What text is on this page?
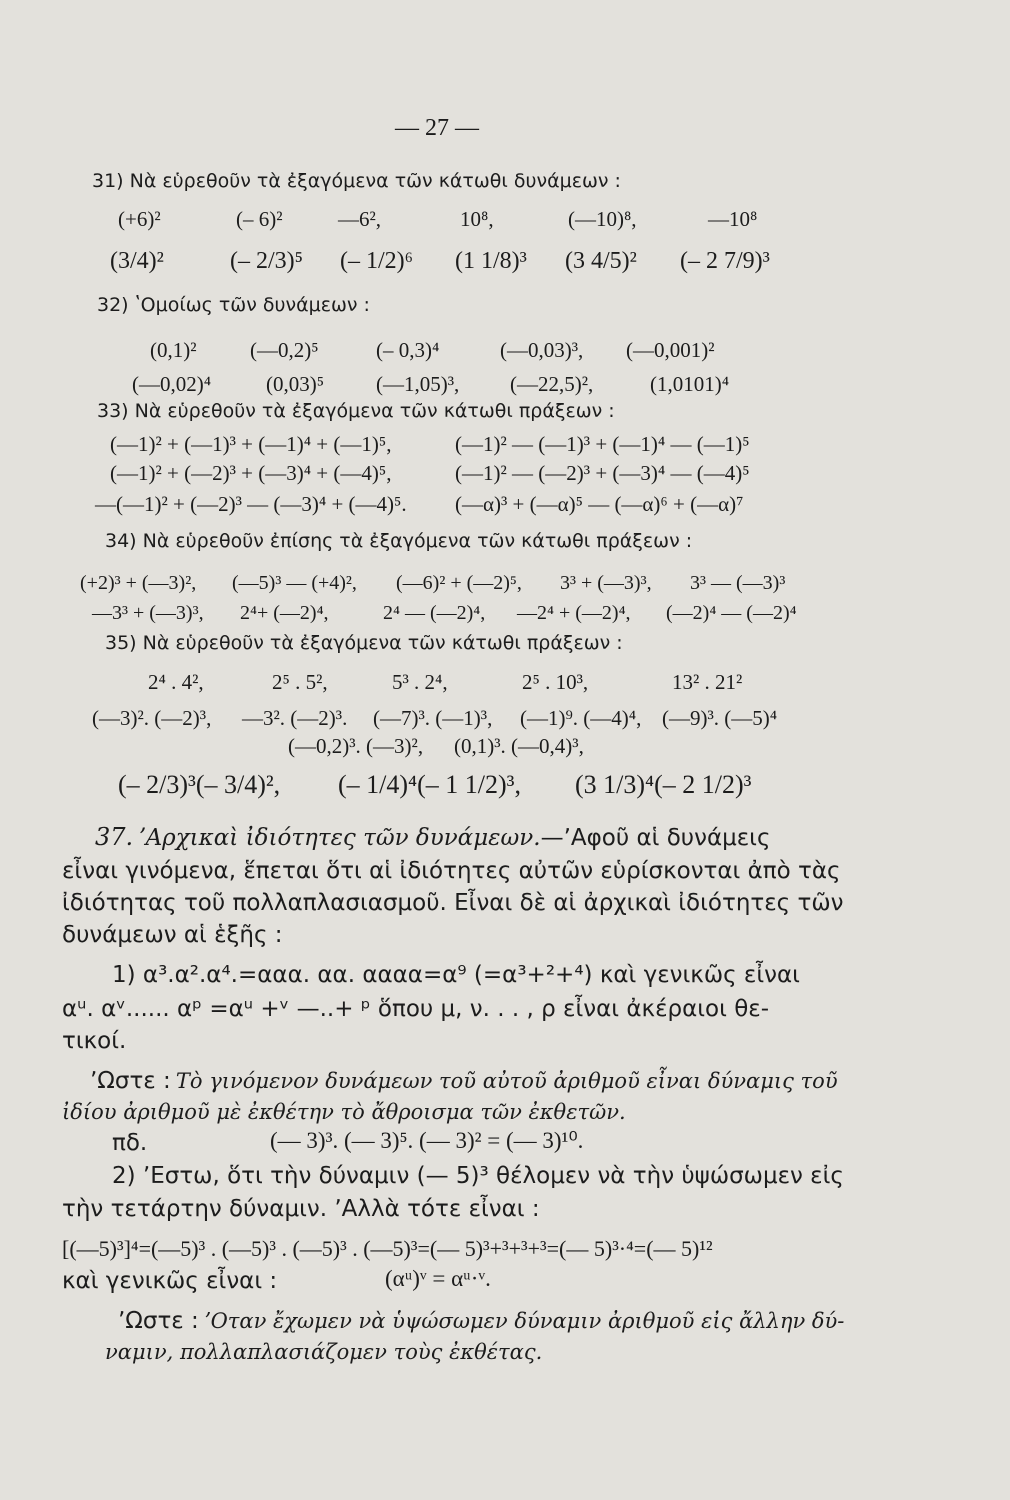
— 27 —
31) Νὰ εὑρεθοῦν τὰ ἐξαγόμενα τῶν κάτωθι δυνάμεων :
(+6)²	(– 6)²	—6²,	10⁸,	(—10)⁸,	—10⁸
(3/4)²	(– 2/3)⁵ (– 1/2)⁶ (1 1/8)³ (3 4/5)² (– 2 7/9)³
32) ʽΟμοίως τῶν δυνάμεων :
(0,1)²	(—0,2)⁵	(– 0,3)⁴	(—0,03)³, (—0,001)²
(—0,02)⁴	(0,03)⁵ (—1,05)³, (—22,5)²,	(1,0101)⁴
33) Νὰ εὑρεθοῦν τὰ ἐξαγόμενα τῶν κάτωθι πράξεων :
(—1)² + (—1)³ + (—1)⁴ + (—1)⁵,	(—1)² — (—1)³ + (—1)⁴ — (—1)⁵
(—1)² + (—2)³ + (—3)⁴ + (—4)⁵,	(—1)² — (—2)³ + (—3)⁴ — (—4)⁵
—(—1)² + (—2)³ — (—3)⁴ + (—4)⁵. (—α)³ + (—α)⁵ — (—α)⁶ + (—α)⁷
34) Νὰ εὑρεθοῦν ἐπίσης τὰ ἐξαγόμενα τῶν κάτωθι πράξεων :
(+2)³ + (—3)², (—5)³ — (+4)², (—6)² + (—2)⁵, 3³ + (—3)³, 3³ — (—3)³
—3³ + (—3)³, 2⁴+ (—2)⁴,	2⁴ — (—2)⁴, —2⁴ + (—2)⁴, (—2)⁴ — (—2)⁴
35) Νὰ εὑρεθοῦν τὰ ἐξαγόμενα τῶν κάτωθι πράξεων :
2⁴ . 4²,	2⁵ . 5²,	5³ . 2⁴,	2⁵ . 10³,	13² . 21²
(—3)². (—2)³, —3². (—2)³. (—7)³. (—1)³, (—1)⁹. (—4)⁴, (—9)³. (—5)⁴
(—0,2)³. (—3)², (0,1)³. (—0,4)³,
(– 2/3)³(– 3/4)², (– 1/4)⁴(– 1 1/2)³, (3 1/3)⁴(– 2 1/2)³
37. ʼΑρχικαὶ ἰδιότητες τῶν δυνάμεων.—ʼΑφοῦ αἱ δυνάμεις
εἶναι γινόμενα, ἕπεται ὅτι αἱ ἰδιότητες αὐτῶν εὑρίσκονται ἀπὸ τὰς
ἰδιότητας τοῦ πολλαπλασιασμοῦ. Εἶναι δὲ αἱ ἀρχικαὶ ἰδιότητες τῶν
δυνάμεων αἱ ἑξῆς :
1) α³.α².α⁴.=ααα. αα. αααα=α⁹ (=α³+²+⁴) καὶ γενικῶς εἶναι
αᵘ. αᵛ...... αᵖ =αᵘ +ᵛ —..+ ᵖ ὅπου μ, ν. . . , ρ εἶναι ἀκέραιοι θε-
τικοί.
ʼΩστε : Τὸ γινόμενον δυνάμεων τοῦ αὐτοῦ ἀριθμοῦ εἶναι δύναμις τοῦ
ἰδίου ἀριθμοῦ μὲ ἐκθέτην τὸ ἄθροισμα τῶν ἐκθετῶν.
πδ.	(— 3)³. (— 3)⁵. (— 3)² = (— 3)¹⁰.
2) ʼΕστω, ὅτι τὴν δύναμιν (— 5)³ θέλομεν νὰ τὴν ὑψώσωμεν εἰς
τὴν τετάρτην δύναμιν. ʼΑλλὰ τότε εἶναι :
[(—5)³]⁴=(—5)³ . (—5)³ . (—5)³ . (—5)³=(— 5)³+³+³+³=(— 5)³·⁴=(— 5)¹²
καὶ γενικῶς εἶναι :	(αᵘ)ᵛ = αᵘ·ᵛ.
ʼΩστε : ʼΟταν ἔχωμεν νὰ ὑψώσωμεν δύναμιν ἀριθμοῦ εἰς ἄλλην δύ-
ναμιν, πολλαπλασιάζομεν τοὺς ἐκθέτας.
